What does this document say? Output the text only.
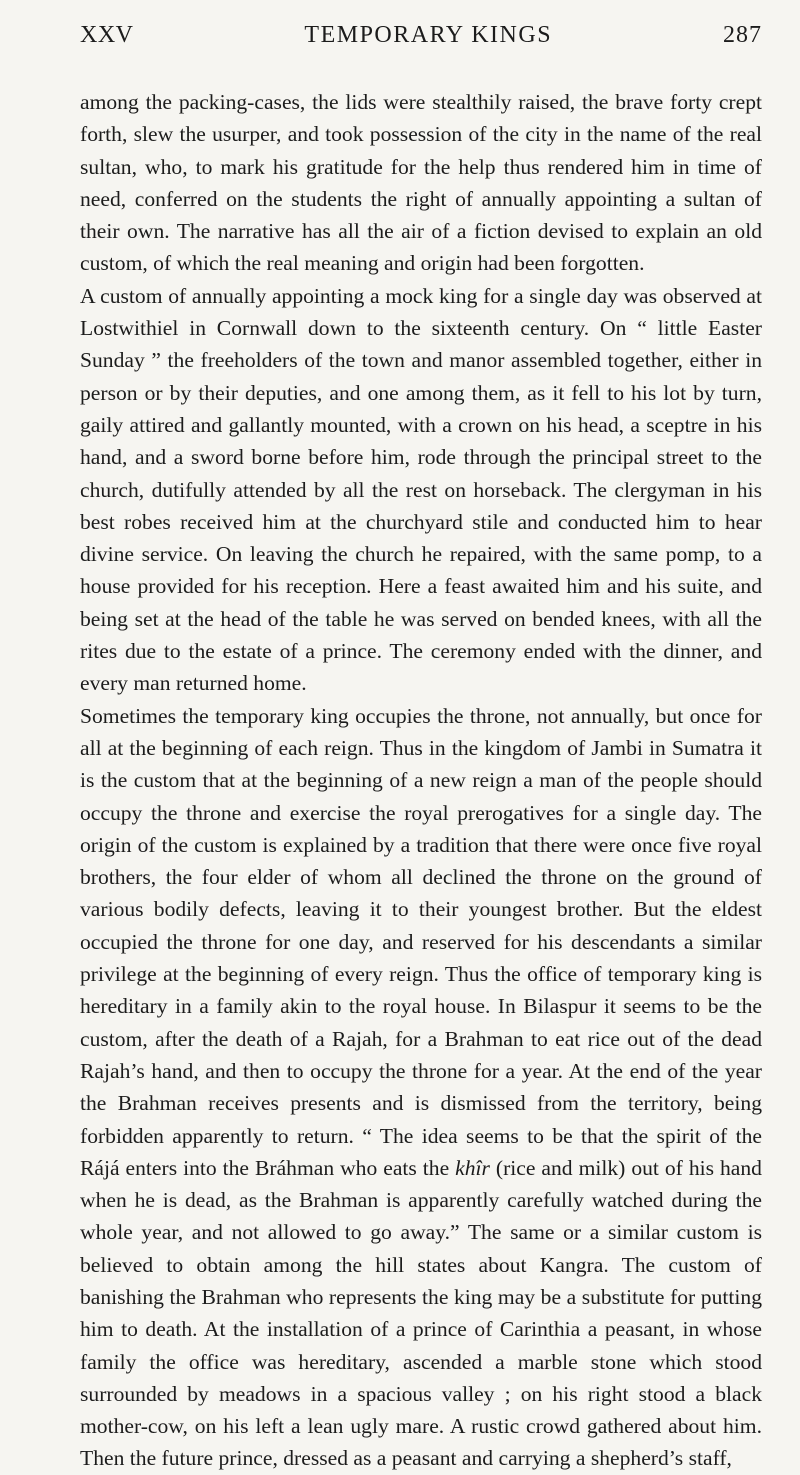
XXV	TEMPORARY KINGS	287

among the packing-cases, the lids were stealthily raised, the brave forty crept forth, slew the usurper, and took possession of the city in the name of the real sultan, who, to mark his gratitude for the help thus rendered him in time of need, conferred on the students the right of annually appointing a sultan of their own. The narrative has all the air of a fiction devised to explain an old custom, of which the real meaning and origin had been forgotten.

A custom of annually appointing a mock king for a single day was observed at Lostwithiel in Cornwall down to the sixteenth century. On “ little Easter Sunday ” the freeholders of the town and manor assembled together, either in person or by their deputies, and one among them, as it fell to his lot by turn, gaily attired and gallantly mounted, with a crown on his head, a sceptre in his hand, and a sword borne before him, rode through the principal street to the church, dutifully attended by all the rest on horseback. The clergyman in his best robes received him at the churchyard stile and conducted him to hear divine service. On leaving the church he repaired, with the same pomp, to a house provided for his reception. Here a feast awaited him and his suite, and being set at the head of the table he was served on bended knees, with all the rites due to the estate of a prince. The ceremony ended with the dinner, and every man returned home.

Sometimes the temporary king occupies the throne, not annually, but once for all at the beginning of each reign. Thus in the kingdom of Jambi in Sumatra it is the custom that at the beginning of a new reign a man of the people should occupy the throne and exercise the royal prerogatives for a single day. The origin of the custom is explained by a tradition that there were once five royal brothers, the four elder of whom all declined the throne on the ground of various bodily defects, leaving it to their youngest brother. But the eldest occupied the throne for one day, and reserved for his descendants a similar privilege at the beginning of every reign. Thus the office of temporary king is hereditary in a family akin to the royal house. In Bilaspur it seems to be the custom, after the death of a Rajah, for a Brahman to eat rice out of the dead Rajah’s hand, and then to occupy the throne for a year. At the end of the year the Brahman receives presents and is dismissed from the territory, being forbidden apparently to return. “ The idea seems to be that the spirit of the Rájá enters into the Bráhman who eats the khîr (rice and milk) out of his hand when he is dead, as the Brahman is apparently carefully watched during the whole year, and not allowed to go away.” The same or a similar custom is believed to obtain among the hill states about Kangra. The custom of banishing the Brahman who represents the king may be a substitute for putting him to death. At the installation of a prince of Carinthia a peasant, in whose family the office was hereditary, ascended a marble stone which stood surrounded by meadows in a spacious valley ; on his right stood a black mother-cow, on his left a lean ugly mare. A rustic crowd gathered about him. Then the future prince, dressed as a peasant and carrying a shepherd’s staff,
